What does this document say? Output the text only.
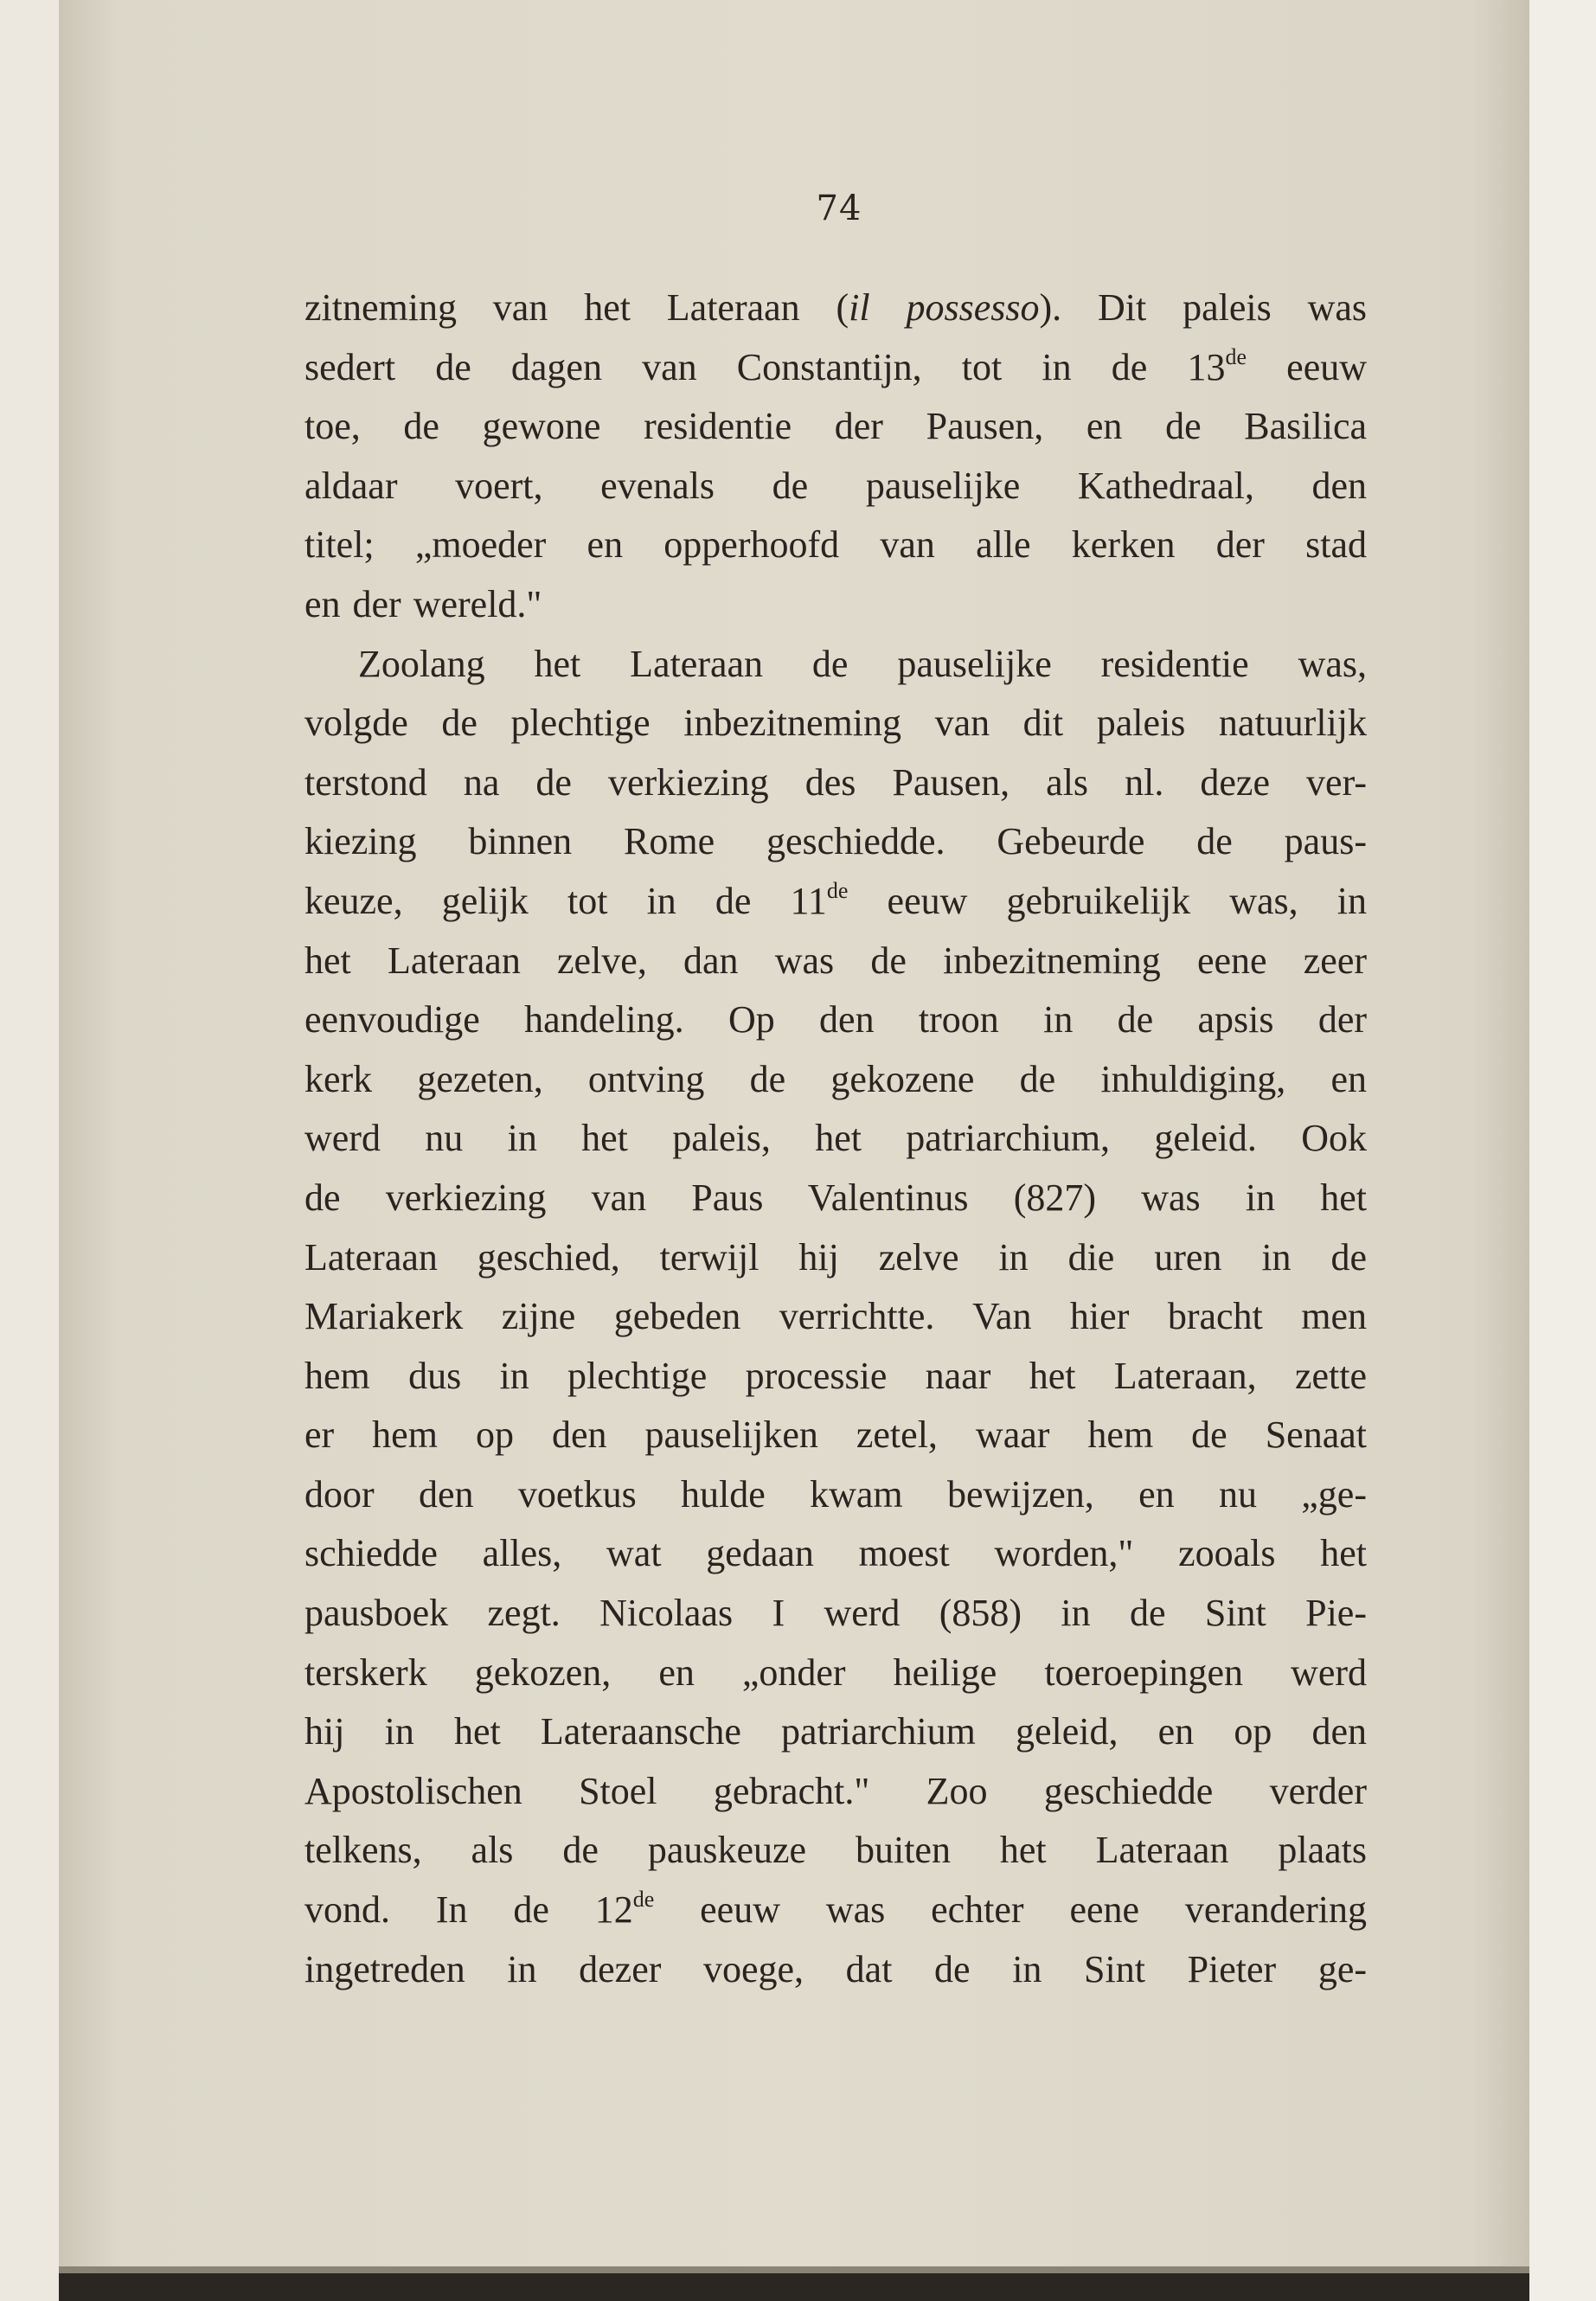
74
zitneming van het Lateraan (il possesso). Dit paleis was
sedert de dagen van Constantijn, tot in de 13de eeuw
toe, de gewone residentie der Pausen, en de Basilica
aldaar voert, evenals de pauselijke Kathedraal, den
titel; „moeder en opperhoofd van alle kerken der stad
en der wereld."
Zoolang het Lateraan de pauselijke residentie was,
volgde de plechtige inbezitneming van dit paleis natuurlijk
terstond na de verkiezing des Pausen, als nl. deze ver-
kiezing binnen Rome geschiedde. Gebeurde de paus-
keuze, gelijk tot in de 11de eeuw gebruikelijk was, in
het Lateraan zelve, dan was de inbezitneming eene zeer
eenvoudige handeling. Op den troon in de apsis der
kerk gezeten, ontving de gekozene de inhuldiging, en
werd nu in het paleis, het patriarchium, geleid. Ook
de verkiezing van Paus Valentinus (827) was in het
Lateraan geschied, terwijl hij zelve in die uren in de
Mariakerk zijne gebeden verrichtte. Van hier bracht men
hem dus in plechtige processie naar het Lateraan, zette
er hem op den pauselijken zetel, waar hem de Senaat
door den voetkus hulde kwam bewijzen, en nu „ge-
schiedde alles, wat gedaan moest worden," zooals het
pausboek zegt. Nicolaas I werd (858) in de Sint Pie-
terskerk gekozen, en „onder heilige toeroepingen werd
hij in het Lateraansche patriarchium geleid, en op den
Apostolischen Stoel gebracht." Zoo geschiedde verder
telkens, als de pauskeuze buiten het Lateraan plaats
vond. In de 12de eeuw was echter eene verandering
ingetreden in dezer voege, dat de in Sint Pieter ge-
